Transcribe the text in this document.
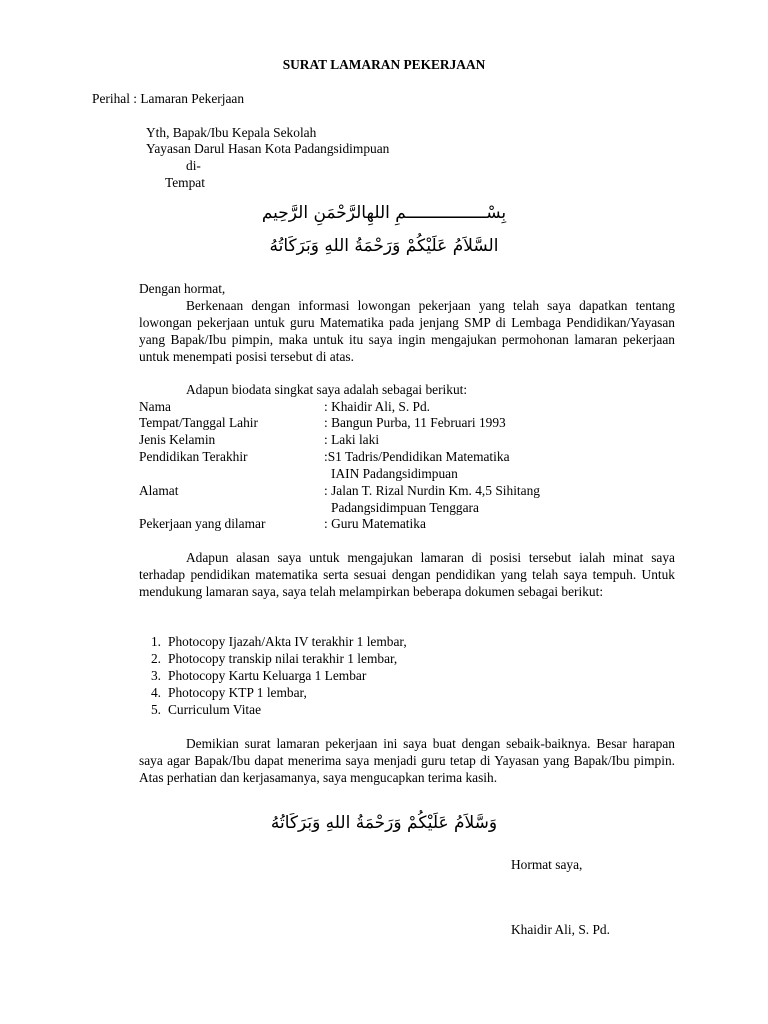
SURAT LAMARAN PEKERJAAN
Perihal : Lamaran Pekerjaan
Yth, Bapak/Ibu Kepala Sekolah
Yayasan Darul Hasan Kota Padangsidimpuan
di-
Tempat
بِسْــــــــــــــــمِ اللهِالرَّحْمَنِ الرَّحِيم
السَّلاَمُ عَلَيْكُمْ وَرَحْمَةُ اللهِ وَبَرَكَاتُهُ
Dengan hormat,
Berkenaan dengan informasi lowongan pekerjaan yang telah saya dapatkan tentang lowongan pekerjaan untuk guru Matematika pada jenjang SMP di Lembaga Pendidikan/Yayasan yang Bapak/Ibu pimpin, maka untuk itu saya ingin mengajukan permohonan lamaran pekerjaan untuk menempati posisi tersebut di atas.
Adapun biodata singkat saya adalah sebagai berikut:
Nama	: Khaidir Ali, S. Pd.
Tempat/Tanggal Lahir	: Bangun Purba, 11 Februari 1993
Jenis Kelamin	: Laki laki
Pendidikan Terakhir	:S1 Tadris/Pendidikan Matematika
IAIN Padangsidimpuan
Alamat	: Jalan T. Rizal Nurdin Km. 4,5 Sihitang
Padangsidimpuan Tenggara
Pekerjaan yang dilamar	: Guru Matematika
Adapun alasan saya untuk mengajukan lamaran di posisi tersebut ialah minat saya terhadap pendidikan matematika serta sesuai dengan pendidikan yang telah saya tempuh. Untuk mendukung lamaran saya, saya telah melampirkan beberapa dokumen sebagai berikut:
1. Photocopy Ijazah/Akta IV terakhir 1 lembar,
2. Photocopy transkip nilai terakhir 1 lembar,
3. Photocopy Kartu Keluarga 1 Lembar
4. Photocopy KTP 1 lembar,
5. Curriculum Vitae
Demikian surat lamaran pekerjaan ini saya buat dengan sebaik-baiknya. Besar harapan saya agar Bapak/Ibu dapat menerima saya menjadi guru tetap di Yayasan yang Bapak/Ibu pimpin. Atas perhatian dan kerjasamanya, saya mengucapkan terima kasih.
وَسَّلاَمُ عَلَيْكُمْ وَرَحْمَةُ اللهِ وَبَرَكَاتُهُ
Hormat saya,
Khaidir Ali, S. Pd.
